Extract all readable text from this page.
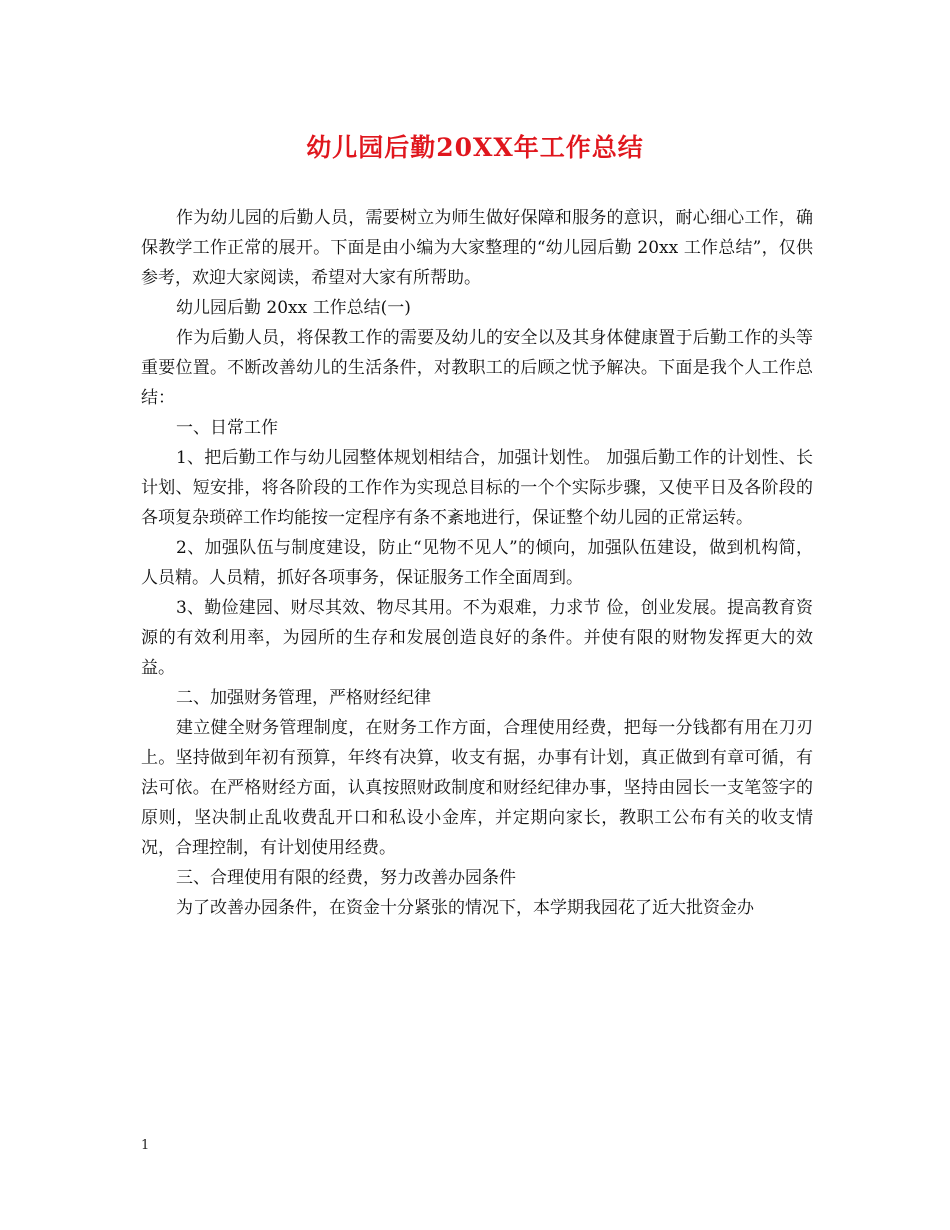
幼儿园后勤20XX年工作总结

作为幼儿园的后勤人员，需要树立为师生做好保障和服务的意识，耐心细心工作，确保教学工作正常的展开。下面是由小编为大家整理的“幼儿园后勤 20xx 工作总结”，仅供参考，欢迎大家阅读，希望对大家有所帮助。

幼儿园后勤 20xx 工作总结(一)

作为后勤人员，将保教工作的需要及幼儿的安全以及其身体健康置于后勤工作的头等重要位置。不断改善幼儿的生活条件，对教职工的后顾之忧予解决。下面是我个人工作总结：

一、日常工作

1、把后勤工作与幼儿园整体规划相结合，加强计划性。 加强后勤工作的计划性、长计划、短安排，将各阶段的工作作为实现总目标的一个个实际步骤，又使平日及各阶段的各项复杂琐碎工作均能按一定程序有条不紊地进行，保证整个幼儿园的正常运转。

2、加强队伍与制度建设，防止“见物不见人”的倾向，加强队伍建设，做到机构简，人员精。人员精，抓好各项事务，保证服务工作全面周到。

3、勤俭建园、财尽其效、物尽其用。不为艰难，力求节 俭，创业发展。提高教育资源的有效利用率，为园所的生存和发展创造良好的条件。并使有限的财物发挥更大的效益。

二、加强财务管理，严格财经纪律

建立健全财务管理制度，在财务工作方面，合理使用经费，把每一分钱都有用在刀刃上。坚持做到年初有预算，年终有决算，收支有据，办事有计划，真正做到有章可循，有法可依。在严格财经方面，认真按照财政制度和财经纪律办事，坚持由园长一支笔签字的原则，坚决制止乱收费乱开口和私设小金库，并定期向家长，教职工公布有关的收支情况，合理控制，有计划使用经费。

三、合理使用有限的经费，努力改善办园条件

为了改善办园条件，在资金十分紧张的情况下，本学期我园花了近大批资金办

1
